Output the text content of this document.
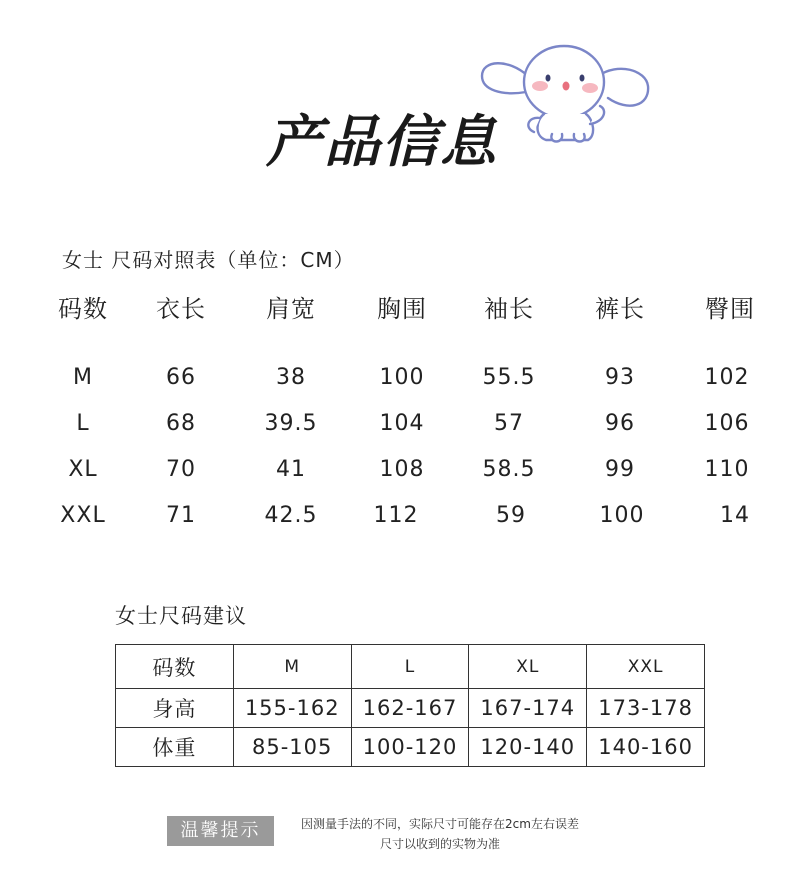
产品信息
女士 尺码对照表（单位：CM）
码数	衣长	肩宽	胸围	袖长	裤长	臀围
M	66	38	100	55.5	93	102
L	68	39.5	104	57	96	106
XL	70	41	108	58.5	99	110
XXL	71	42.5	112	59	100	14
女士尺码建议
码数	M	L	XL	XXL
身高	155-162	162-167	167-174	173-178
体重	85-105	100-120	120-140	140-160
温馨提示	因测量手法的不同，实际尺寸可能存在2cm左右误差
尺寸以收到的实物为准
